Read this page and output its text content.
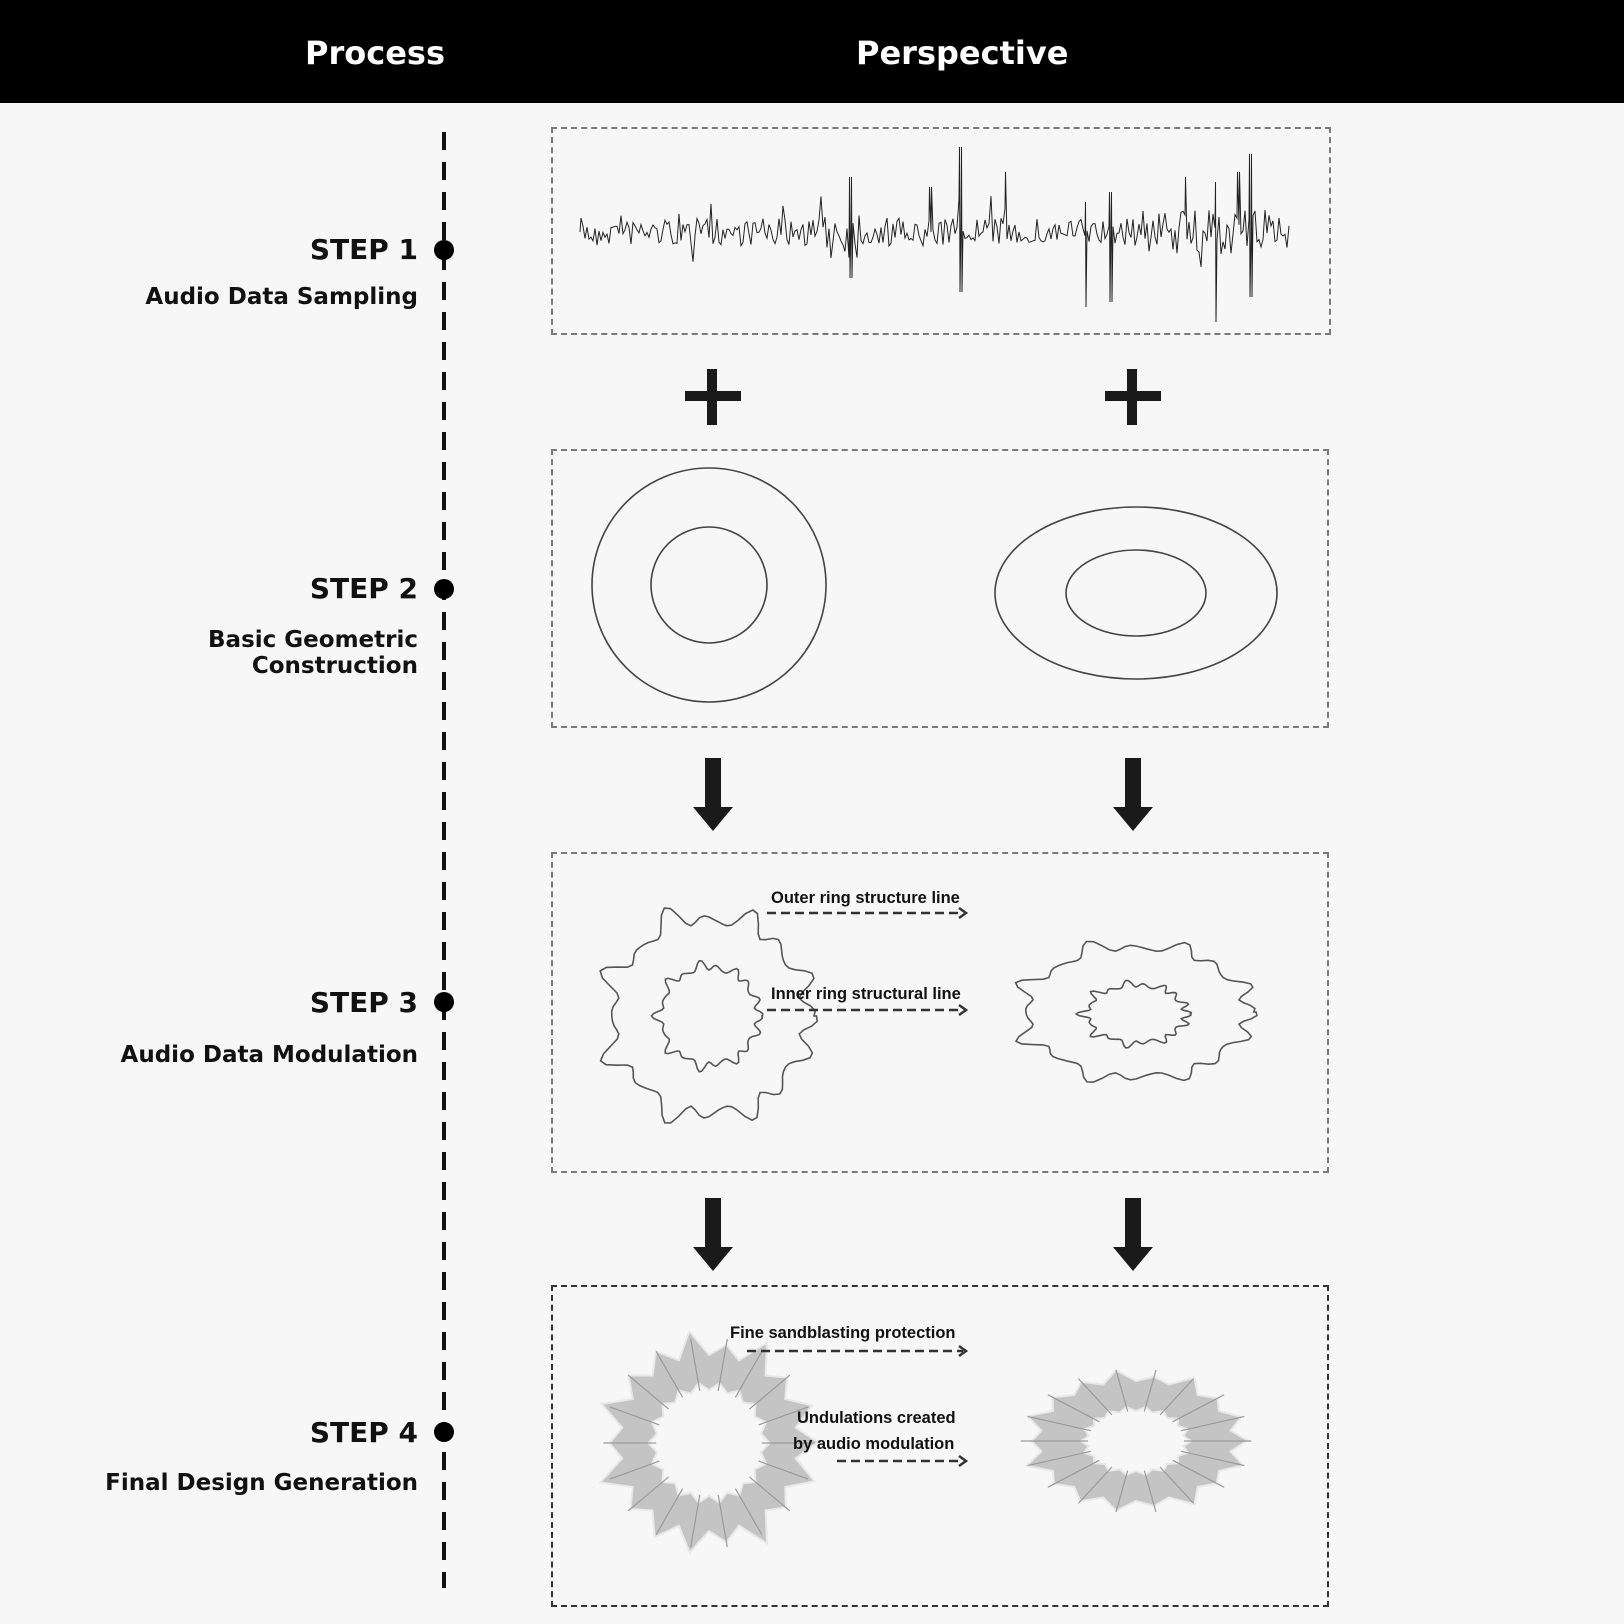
Process	Perspective
STEP 1
Audio Data Sampling
STEP 2
Basic Geometric
Construction
STEP 3
Audio Data Modulation
STEP 4
Final Design Generation
Outer ring structure line
Inner ring structural line
Fine sandblasting protection
Undulations created
by audio modulation
